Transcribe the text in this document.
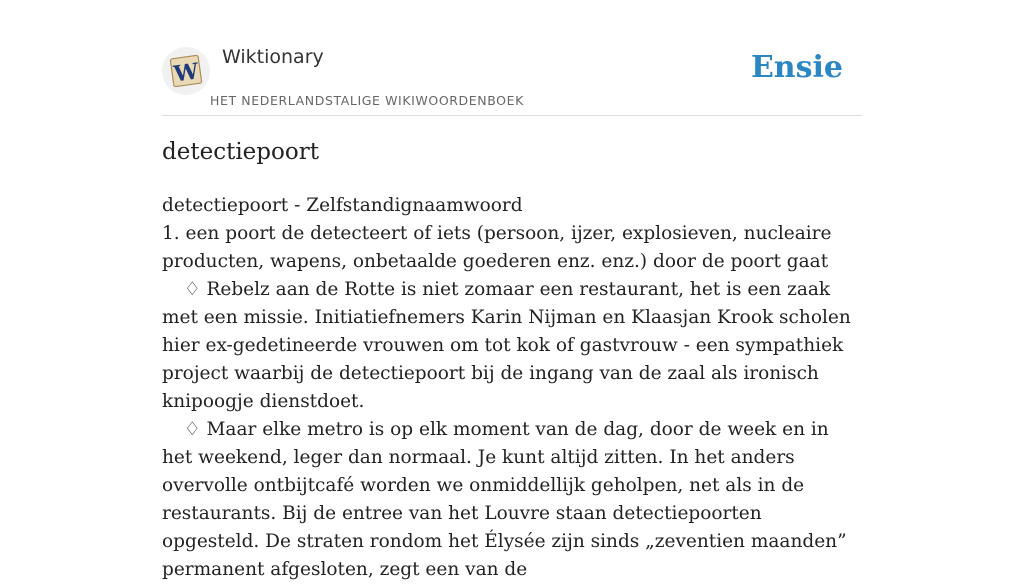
W
Wiktionary
HET NEDERLANDSTALIGE WIKIWOORDENBOEK
Ensie
detectiepoort

detectiepoort - Zelfstandignaamwoord

1. een poort de detecteert of iets (persoon, ijzer, explosieven, nucleaire producten, wapens, onbetaalde goederen enz. enz.) door de poort gaat

♢ Rebelz aan de Rotte is niet zomaar een restaurant, het is een zaak met een missie. Initiatiefnemers Karin Nijman en Klaasjan Krook scholen hier ex-gedetineerde vrouwen om tot kok of gastvrouw - een sympathiek project waarbij de detectiepoort bij de ingang van de zaal als ironisch knipoogje dienstdoet.

♢ Maar elke metro is op elk moment van de dag, door de week en in het weekend, leger dan normaal. Je kunt altijd zitten. In het anders overvolle ontbijtcafé worden we onmiddellijk geholpen, net als in de restaurants. Bij de entree van het Louvre staan detectiepoorten opgesteld. De straten rondom het Élysée zijn sinds „zeventien maanden” permanent afgesloten, zegt een van de
